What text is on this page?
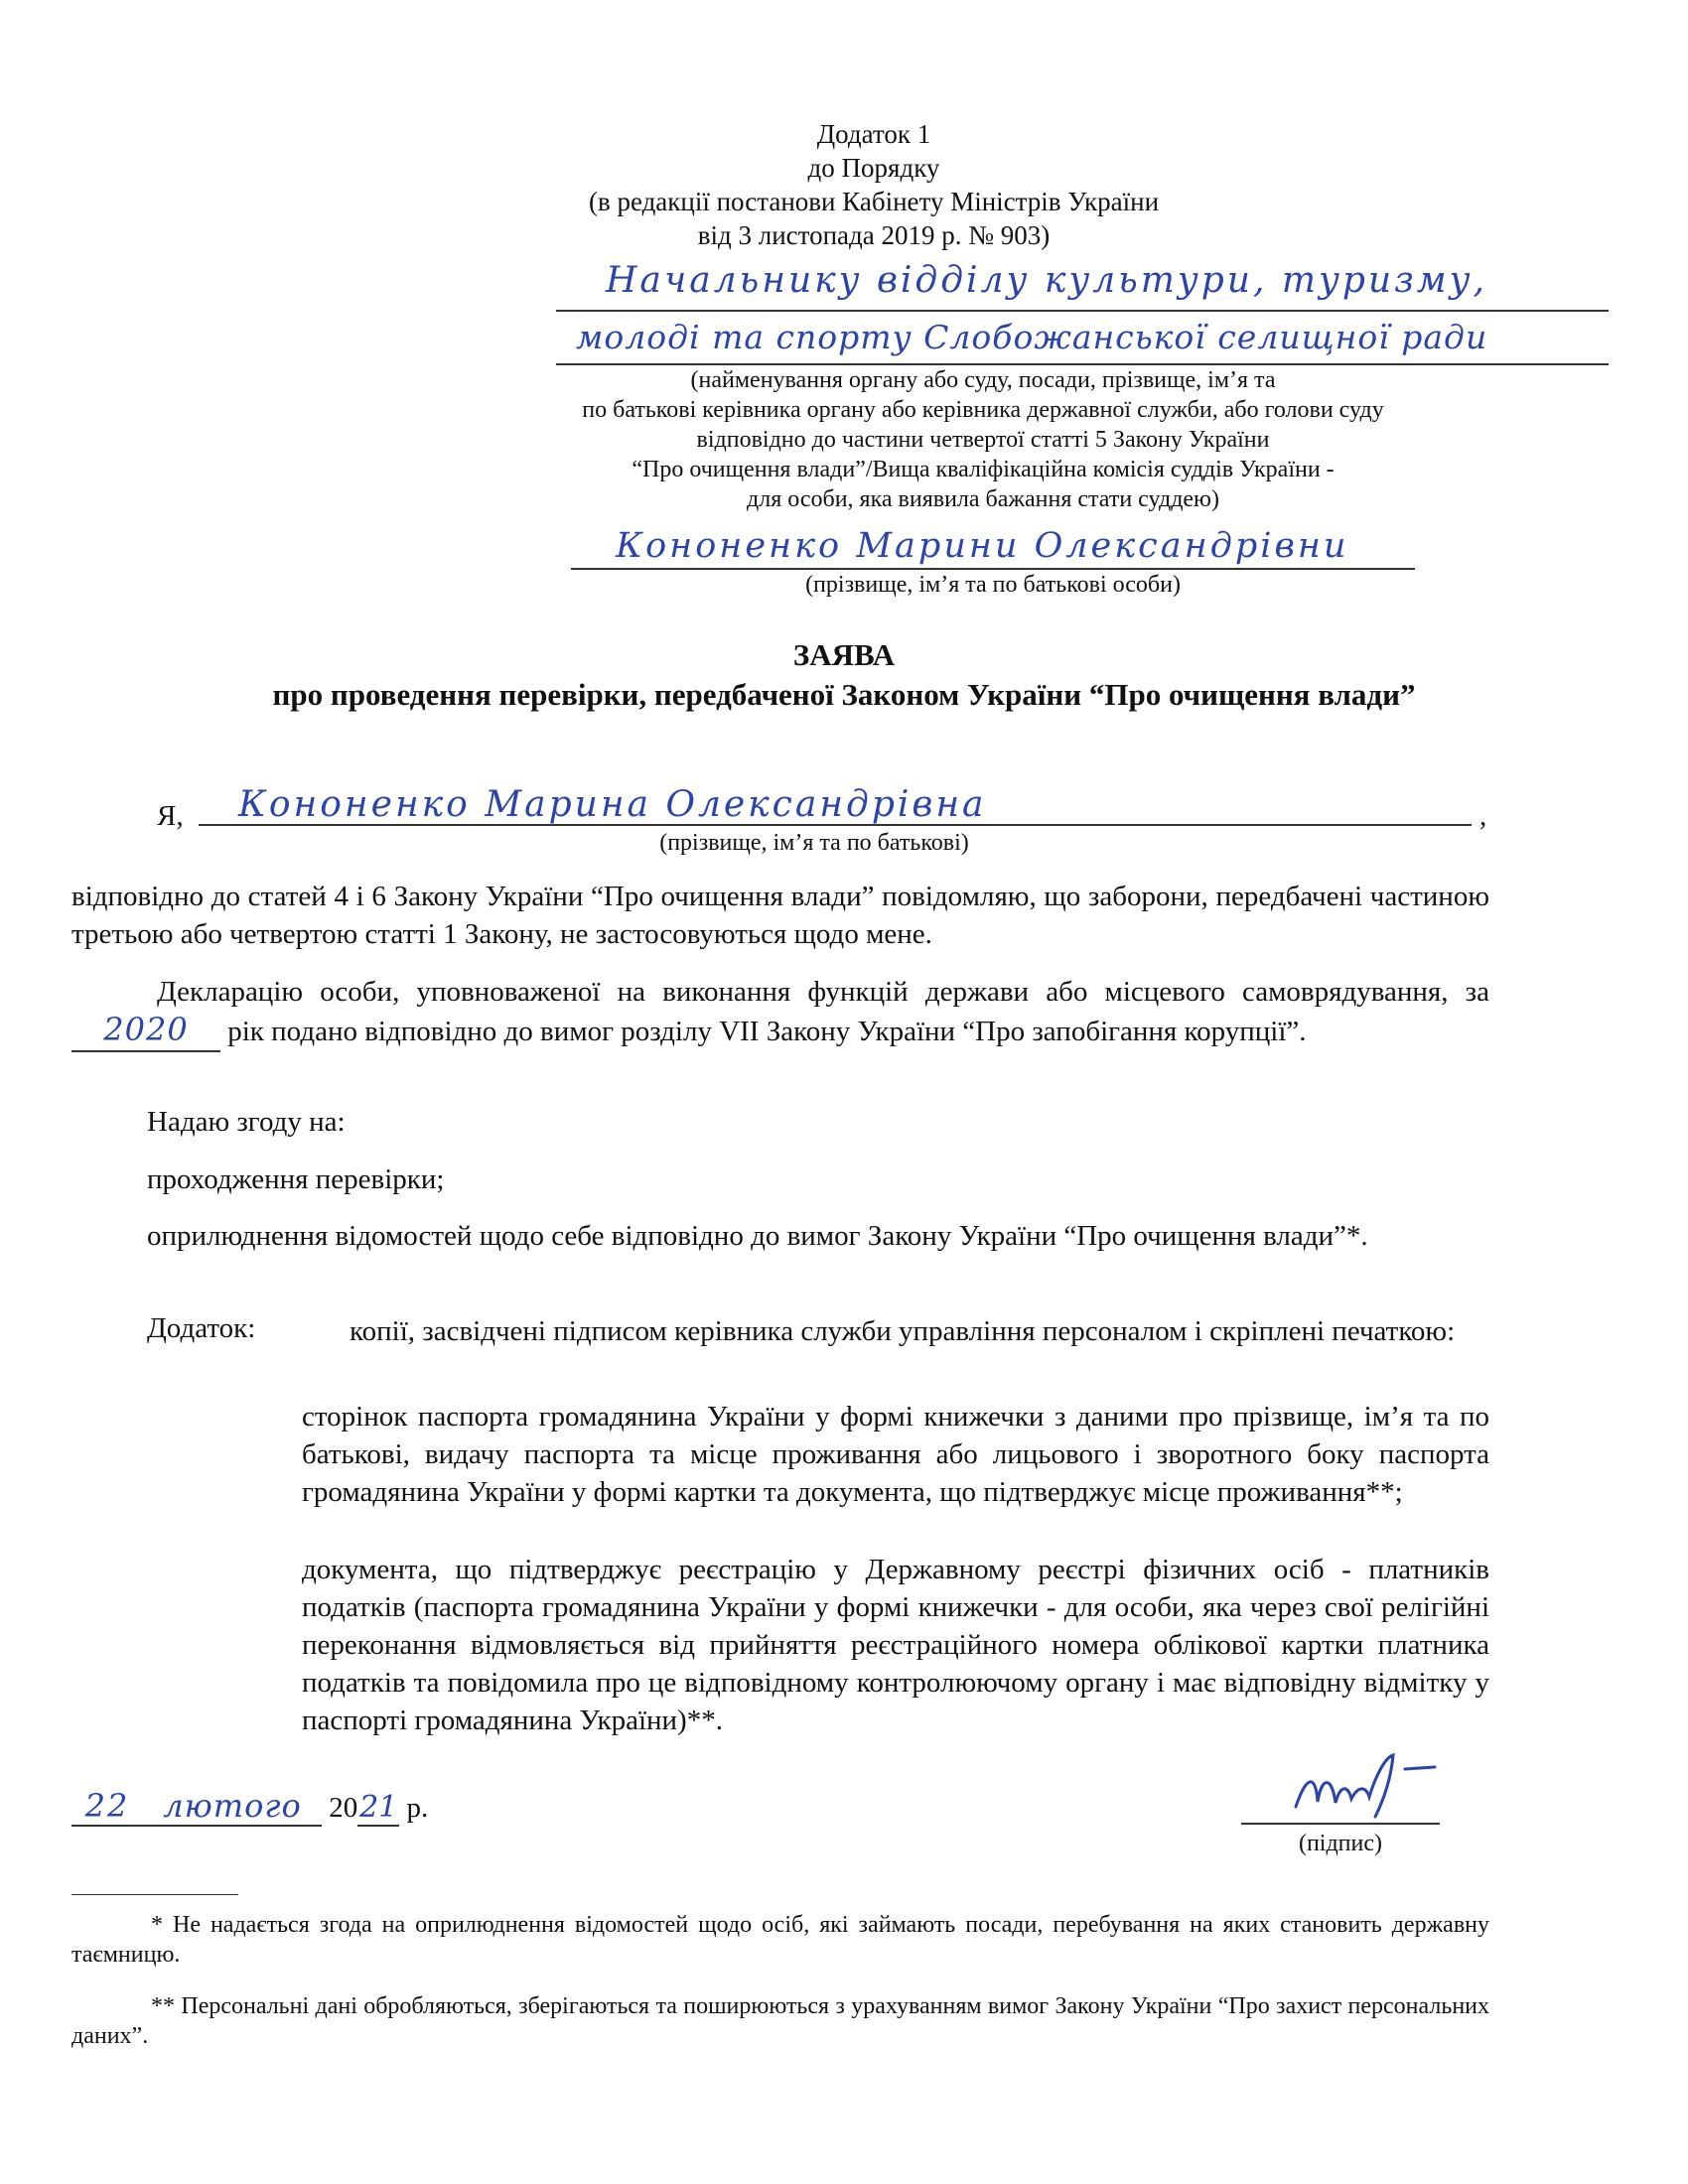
Додаток 1
до Порядку
(в редакції постанови Кабінету Міністрів України
від 3 листопада 2019 р. № 903)
Начальнику відділу культури, туризму,
молоді та спорту Слобожанської селищної ради
(найменування органу або суду, посади, прізвище, ім’я та
по батькові керівника органу або керівника державної служби, або голови суду
відповідно до частини четвертої статті 5 Закону України
“Про очищення влади”/Вища кваліфікаційна комісія суддів України -
для особи, яка виявила бажання стати суддею)
Кононенко Марини Олександрівни
(прізвище, ім’я та по батькові особи)
ЗАЯВА
про проведення перевірки, передбаченої Законом України “Про очищення влади”
Я, Кононенко Марина Олександрівна	,
(прізвище, ім’я та по батькові)
відповідно до статей 4 і 6 Закону України “Про очищення влади” повідомляю, що заборони, передбачені частиною третьою або четвертою статті 1 Закону, не застосовуються щодо мене.
Декларацію особи, уповноваженої на виконання функцій держави або місцевого самоврядування, за 2020 рік подано відповідно до вимог розділу VII Закону України “Про запобігання корупції”.
Надаю згоду на:
проходження перевірки;
оприлюднення відомостей щодо себе відповідно до вимог Закону України “Про очищення влади”*.
Додаток:	копії, засвідчені підписом керівника служби управління персоналом і скріплені печаткою:
сторінок паспорта громадянина України у формі книжечки з даними про прізвище, ім’я та по батькові, видачу паспорта та місце проживання або лицьового і зворотного боку паспорта громадянина України у формі картки та документа, що підтверджує місце проживання**;
документа, що підтверджує реєстрацію у Державному реєстрі фізичних осіб - платників податків (паспорта громадянина України у формі книжечки - для особи, яка через свої релігійні переконання відмовляється від прийняття реєстраційного номера облікової картки платника податків та повідомила про це відповідному контролюючому органу і має відповідну відмітку у паспорті громадянина України)**.
22 лютого 2021 р.
(підпис)
* Не надається згода на оприлюднення відомостей щодо осіб, які займають посади, перебування на яких становить державну таємницю.
** Персональні дані обробляються, зберігаються та поширюються з урахуванням вимог Закону України “Про захист персональних даних”.
